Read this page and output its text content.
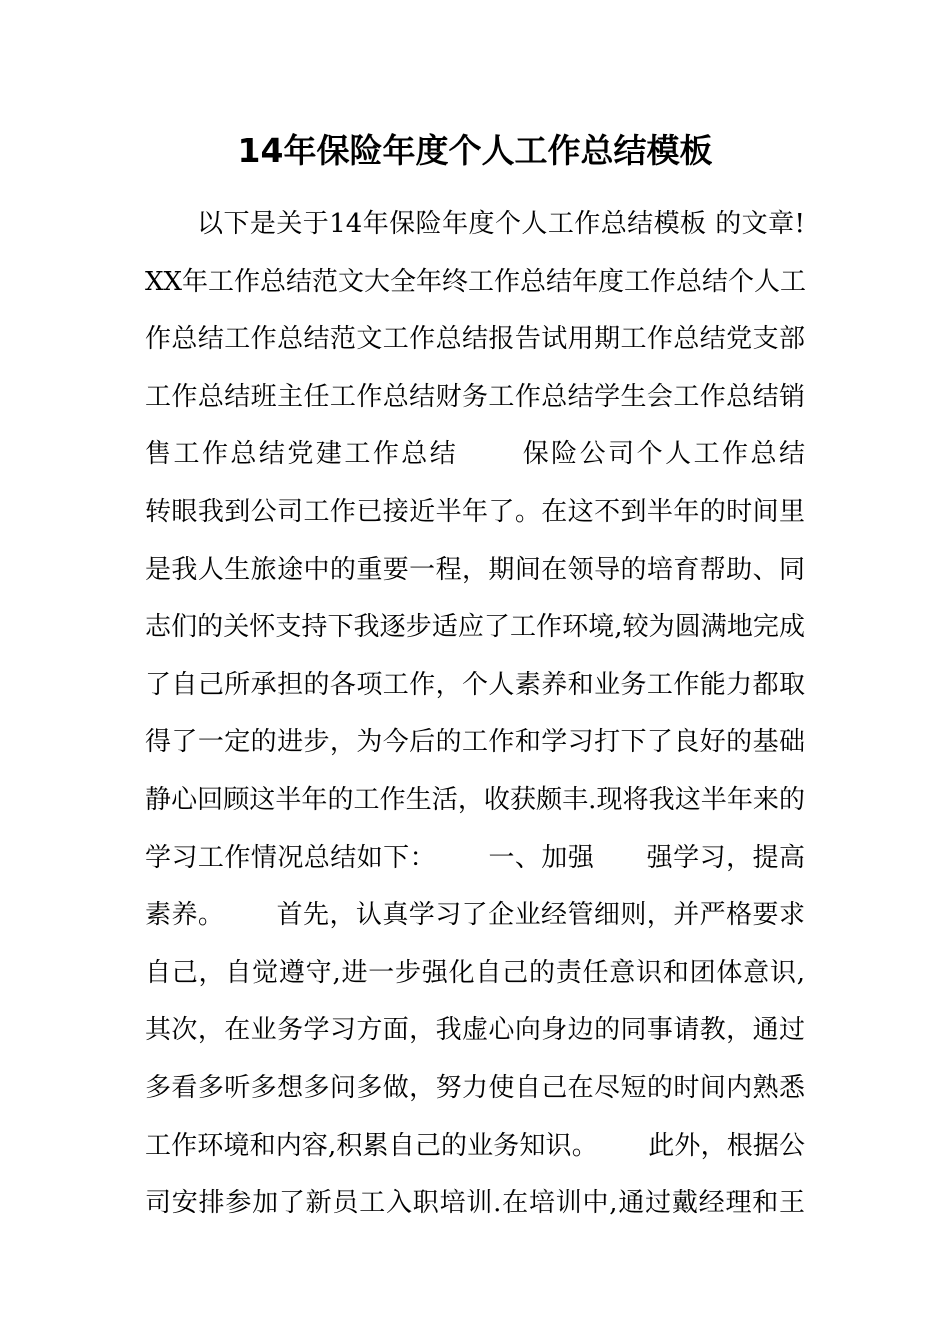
14年保险年度个人工作总结模板
以下是关于14年保险年度个人工作总结模板 的文章!
XX年工作总结范文大全年终工作总结年度工作总结个人工
作总结工作总结范文工作总结报告试用期工作总结党支部
工作总结班主任工作总结财务工作总结学生会工作总结销
售工作总结党建工作总结      保险公司个人工作总结
转眼我到公司工作已接近半年了。在这不到半年的时间里
是我人生旅途中的重要一程，期间在领导的培育帮助、同
志们的关怀支持下我逐步适应了工作环境,较为圆满地完成
了自己所承担的各项工作，个人素养和业务工作能力都取
得了一定的进步，为今后的工作和学习打下了良好的基础
静心回顾这半年的工作生活，收获颇丰.现将我这半年来的
学习工作情况总结如下：      一、加强      强学习，提高
素养。      首先，认真学习了企业经管细则，并严格要求
自己，自觉遵守,进一步强化自己的责任意识和团体意识,
其次，在业务学习方面，我虚心向身边的同事请教，通过
多看多听多想多问多做，努力使自己在尽短的时间内熟悉
工作环境和内容,积累自己的业务知识。      此外，根据公
司安排参加了新员工入职培训.在培训中,通过戴经理和王
